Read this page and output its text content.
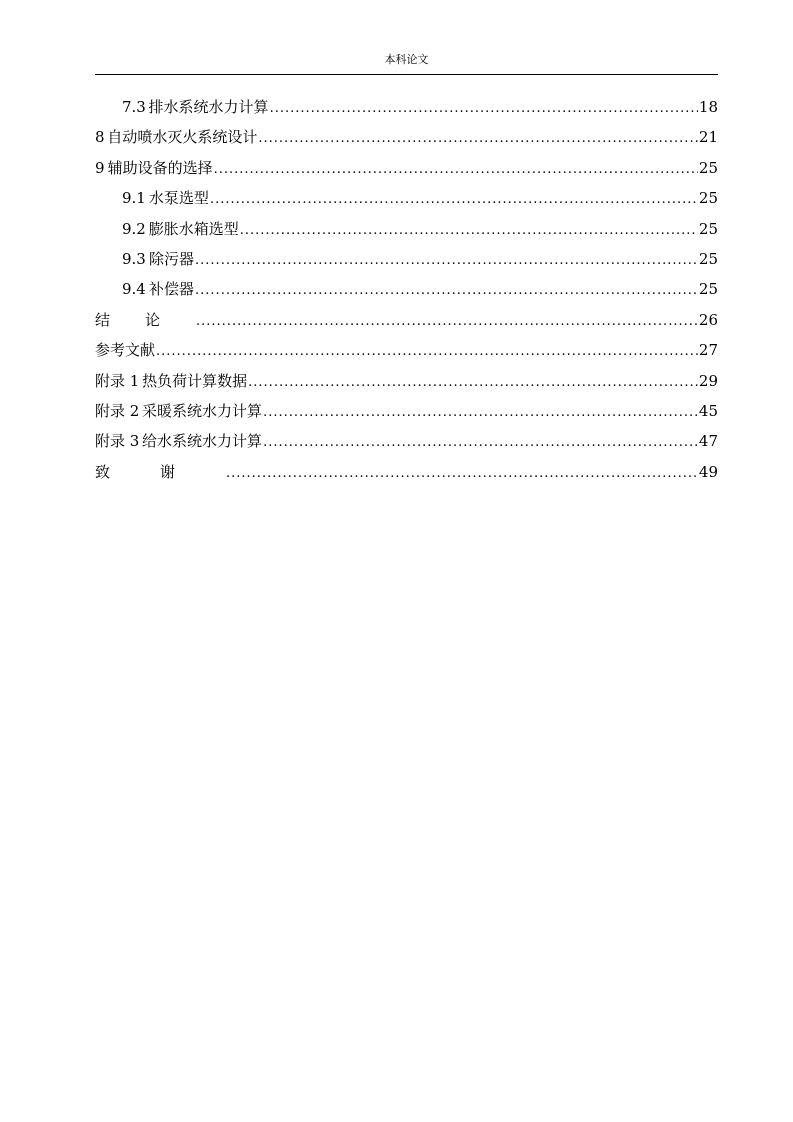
本科论文
7.3 排水系统水力计算 .....	18
8 自动喷水灭火系统设计 .....	21
9 辅助设备的选择 .....	25
9.1 水泵选型 .....	25
9.2 膨胀水箱选型 .....	25
9.3 除污器 .....	25
9.4 补偿器 .....	25
结论 .....	26
参考文献 .....	27
附录 1 热负荷计算数据 .....	29
附录 2 采暖系统水力计算 .....	45
附录 3 给水系统水力计算 .....	47
致谢 .....	49
